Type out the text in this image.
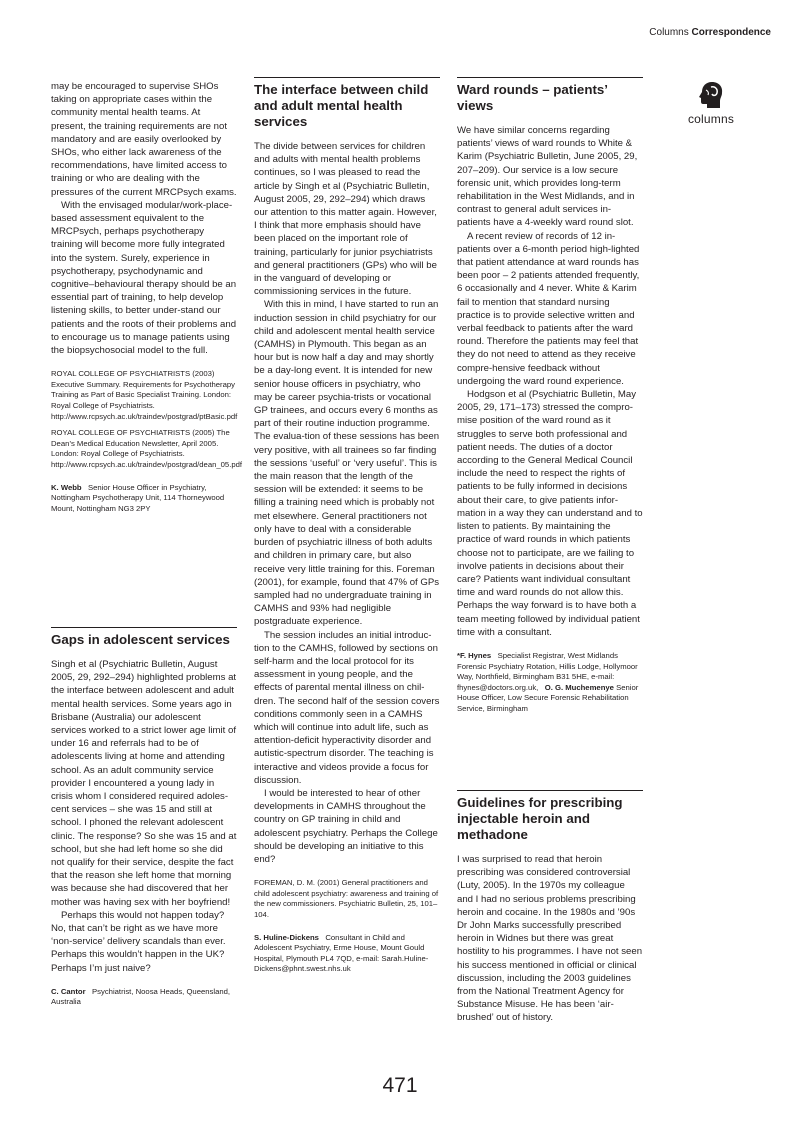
Columns Correspondence
columns

may be encouraged to supervise SHOs taking on appropriate cases within the community mental health teams. At present, the training requirements are not mandatory and are easily overlooked by SHOs, who either lack awareness of the recommendations, have limited access to training or who are dealing with the pressures of the current MRCPsych exams.

With the envisaged modular/work-place-based assessment equivalent to the MRCPsych, perhaps psychotherapy training will become more fully integrated into the system. Surely, experience in psychotherapy, psychodynamic and cognitive–behavioural therapy should be an essential part of training, to help develop listening skills, to better under-stand our patients and the roots of their problems and to encourage us to manage patients using the biopsychosocial model to the full.

ROYAL COLLEGE OF PSYCHIATRISTS (2003) Executive Summary. Requirements for Psychotherapy Training as Part of Basic Specialist Training. London: Royal College of Psychiatrists. http://www.rcpsych.ac.uk/traindev/postgrad/ptBasic.pdf

ROYAL COLLEGE OF PSYCHIATRISTS (2005) The Dean’s Medical Education Newsletter, April 2005. London: Royal College of Psychiatrists. http://www.rcpsych.ac.uk/traindev/postgrad/dean_05.pdf

K. Webb Senior House Officer in Psychiatry, Nottingham Psychotherapy Unit, 114 Thorneywood Mount, Nottingham NG3 2PY
Gaps in adolescent services

Singh et al (Psychiatric Bulletin, August 2005, 29, 292–294) highlighted problems at the interface between adolescent and adult mental health services. Some years ago in Brisbane (Australia) our adolescent services worked to a strict lower age limit of under 16 and referrals had to be of adolescents living at home and attending school. As an adult community service provider I encountered a young lady in crisis whom I considered required adoles-cent services – she was 15 and still at school. I phoned the relevant adolescent clinic. The response? So she was 15 and at school, but she had left home so she did not qualify for their service, despite the fact that the reason she left home that morning was because she had discovered that her mother was having sex with her boyfriend!

Perhaps this would not happen today? No, that can’t be right as we have more ‘non-service’ delivery scandals than ever. Perhaps this wouldn’t happen in the UK? Perhaps I’m just naive?

C. Cantor Psychiatrist, Noosa Heads, Queensland, Australia
The interface between child and adult mental health services

The divide between services for children and adults with mental health problems continues, so I was pleased to read the article by Singh et al (Psychiatric Bulletin, August 2005, 29, 292–294) which draws our attention to this matter again. However, I think that more emphasis should have been placed on the important role of training, particularly for junior psychiatrists and general practitioners (GPs) who will be in the vanguard of developing or commissioning services in the future.

With this in mind, I have started to run an induction session in child psychiatry for our child and adolescent mental health service (CAMHS) in Plymouth. This began as an hour but is now half a day and may shortly be a day-long event. It is intended for new senior house officers in psychiatry, who may be career psychia-trists or vocational GP trainees, and occurs every 6 months as part of their routine induction programme. The evalua-tion of these sessions has been very positive, with all trainees so far finding the sessions ‘useful’ or ‘very useful’. This is the main reason that the length of the session will be extended: it seems to be filling a training need which is probably not met elsewhere. General practitioners not only have to deal with a considerable burden of psychiatric illness of both adults and children in primary care, but also receive very little training for this. Foreman (2001), for example, found that 47% of GPs sampled had no undergraduate training in CAMHS and 93% had negligible postgraduate experience.

The session includes an initial introduc-tion to the CAMHS, followed by sections on self-harm and the local protocol for its assessment in young people, and the effects of parental mental illness on chil-dren. The second half of the session covers conditions commonly seen in a CAMHS which will continue into adult life, such as attention-deficit hyperactivity disorder and autistic-spectrum disorder. The teaching is interactive and videos provide a focus for discussion.

I would be interested to hear of other developments in CAMHS throughout the country on GP training in child and adolescent psychiatry. Perhaps the College should be developing an initiative to this end?

FOREMAN, D. M. (2001) General practitioners and child adolescent psychiatry: awareness and training of the new commissioners. Psychiatric Bulletin, 25, 101–104.

S. Huline-Dickens Consultant in Child and Adolescent Psychiatry, Erme House, Mount Gould Hospital, Plymouth PL4 7QD, e-mail: Sarah.Huline-Dickens@phnt.swest.nhs.uk
Ward rounds – patients’ views

We have similar concerns regarding patients’ views of ward rounds to White & Karim (Psychiatric Bulletin, June 2005, 29, 207–209). Our service is a low secure forensic unit, which provides long-term rehabilitation in the West Midlands, and in contrast to general adult services in-patients have a 4-weekly ward round slot.

A recent review of records of 12 in-patients over a 6-month period high-lighted that patient attendance at ward rounds has been poor – 2 patients attended frequently, 6 occasionally and 4 never. White & Karim fail to mention that standard nursing practice is to provide selective written and verbal feedback to patients after the ward round. Therefore the patients may feel that they do not need to attend as they receive compre-hensive feedback without undergoing the ward round experience.

Hodgson et al (Psychiatric Bulletin, May 2005, 29, 171–173) stressed the compro-mise position of the ward round as it struggles to serve both professional and patient needs. The duties of a doctor according to the General Medical Council include the need to respect the rights of patients to be fully informed in decisions about their care, to give patients infor-mation in a way they can understand and to listen to patients. By maintaining the practice of ward rounds in which patients choose not to participate, are we failing to involve patients in decisions about their care? Patients want individual consultant time and ward rounds do not allow this. Perhaps the way forward is to have both a team meeting followed by individual patient time with a consultant.

*F. Hynes Specialist Registrar, West Midlands Forensic Psychiatry Rotation, Hillis Lodge, Hollymoor Way, Northfield, Birmingham B31 5HE, e-mail: fhynes@doctors.org.uk, O. G. Muchemenye Senior House Officer, Low Secure Forensic Rehabilitation Service, Birmingham
Guidelines for prescribing injectable heroin and methadone

I was surprised to read that heroin prescribing was considered controversial (Luty, 2005). In the 1970s my colleague and I had no serious problems prescribing heroin and cocaine. In the 1980s and ’90s Dr John Marks successfully prescribed heroin in Widnes but there was great hostility to his programmes. I have not seen his success mentioned in official or clinical discussion, including the 2003 guidelines from the National Treatment Agency for Substance Misuse. He has been ‘air-brushed’ out of history.

471
